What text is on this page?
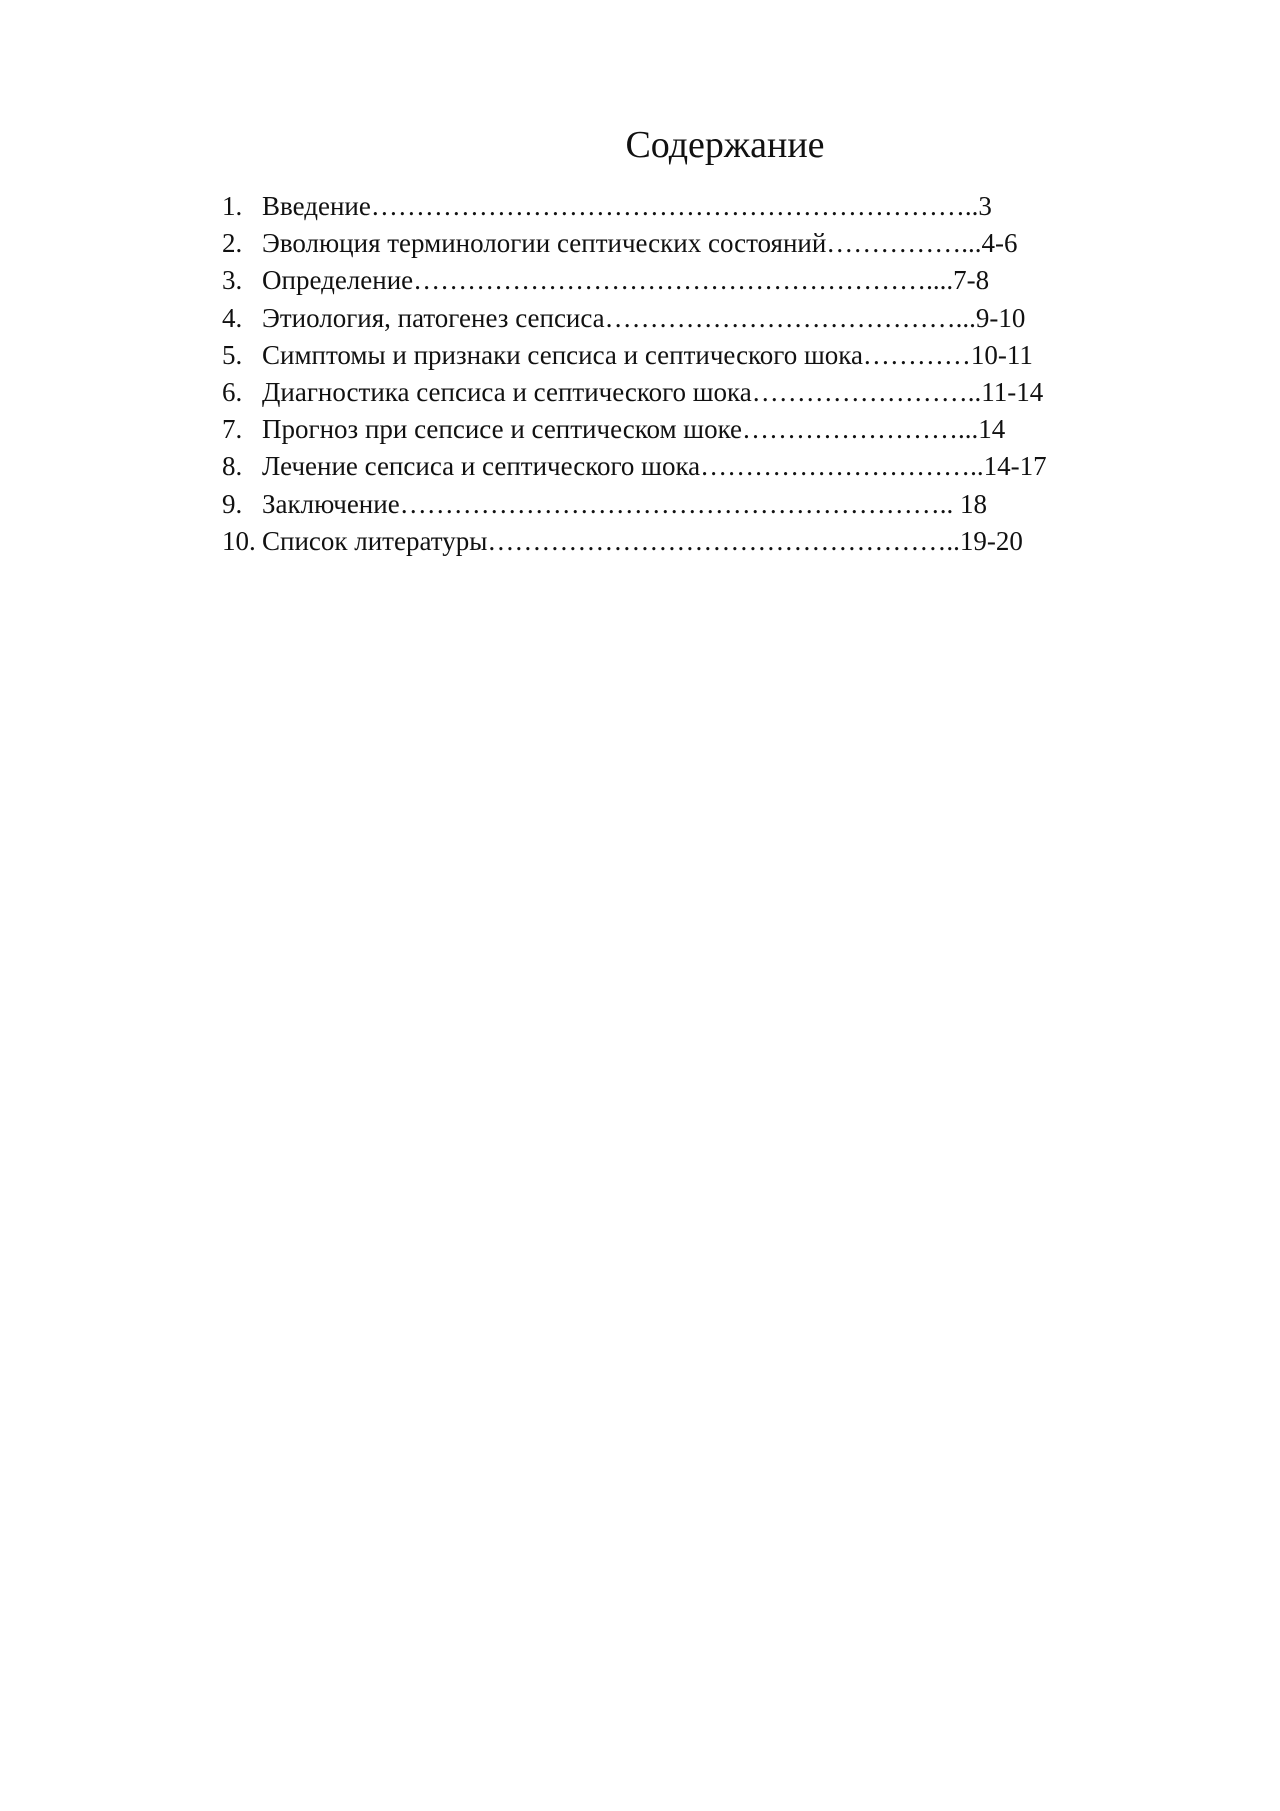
Содержание
1. Введение…………………………………………………………..3
2. Эволюция терминологии септических состояний……………...4-6
3. Определение…………………………………………………....7-8
4. Этиология, патогенез сепсиса…………………………………...9-10
5. Симптомы и признаки сепсиса и септического шока…………10-11
6. Диагностика сепсиса и септического шока……………………..11-14
7. Прогноз при сепсисе и септическом шоке……………………...14
8. Лечение сепсиса и септического шока…………………………..14-17
9. Заключение…………………………………………………….. 18
10. Список литературы……………………………………………..19-20
